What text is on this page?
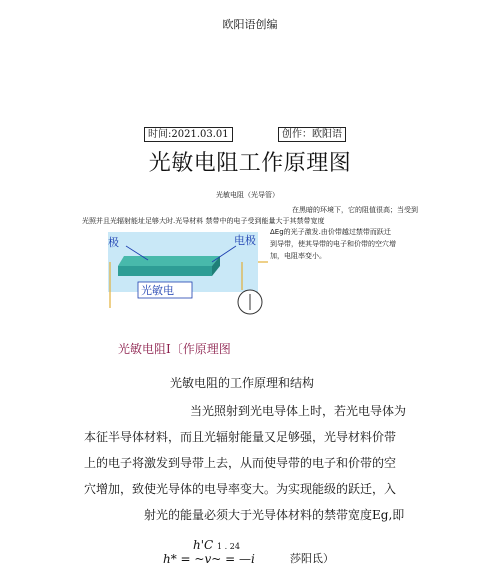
欧阳语创编
时间:2021.03.01	创作：欧阳语
光敏电阻工作原理图
光敏电阻（光导管）
在黑暗的环境下，它的阻值很高；当受到
光照并且光辐射能址足够大时.光导材料 禁带中的电子受到能量大于其禁带宽度
ΔEg的光子激发.由价带越过禁带而跃迁
到导带，使其导带的电子和价带的空穴增
加，电阻率变小。
极	电极
光敏电
光敏电阻I〔作原理图
光敏电阻的工作原理和结构
当光照射到光电导体上时，若光电导体为
本征半导体材料，而且光辐射能量又足够强，光导材料价带
上的电子将激发到导带上去，从而使导带的电子和价带的空
穴增加，致使光导体的电导率变大。为实现能级的跃迁，入
射光的能量必须大于光导体材料的禁带宽度Eg,即
h'C 1 . 24
h* = ~v~ = —i	莎阳氐）
